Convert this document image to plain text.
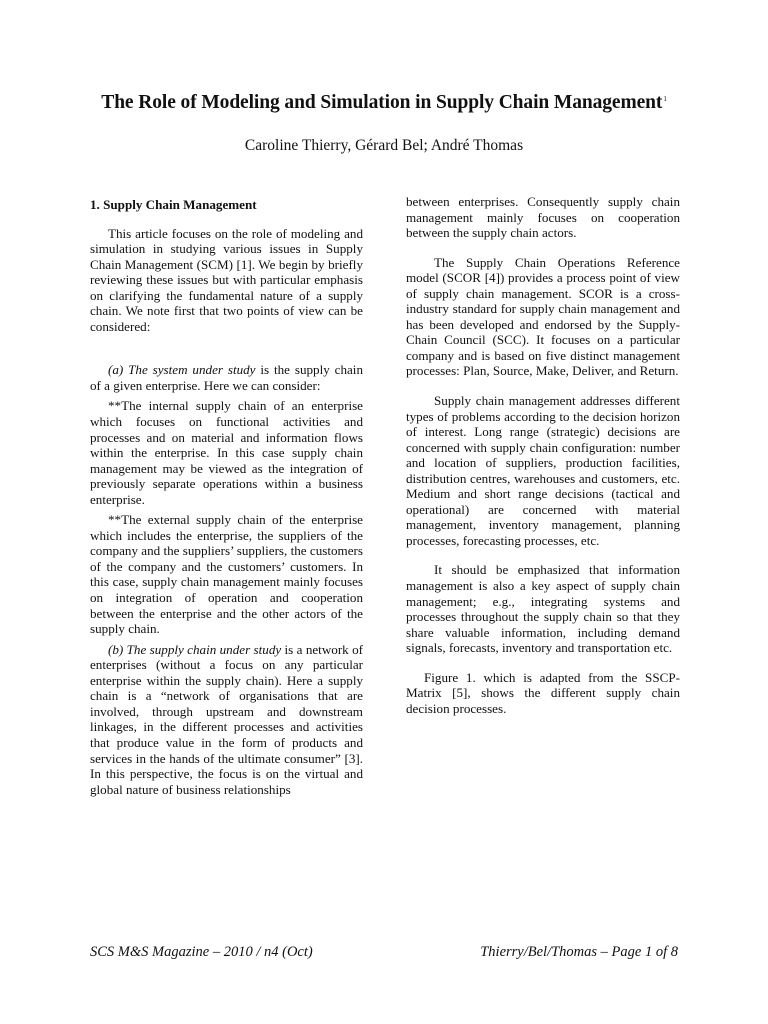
The Role of Modeling and Simulation in Supply Chain Management$^1$
Caroline Thierry, Gérard Bel; André Thomas

1. Supply Chain Management

This article focuses on the role of modeling and simulation in studying various issues in Supply Chain Management (SCM) [1]. We begin by briefly reviewing these issues but with particular emphasis on clarifying the fundamental nature of a supply chain. We note first that two points of view can be considered:

(a) The system under study is the supply chain of a given enterprise. Here we can consider:

**The internal supply chain of an enterprise which focuses on functional activities and processes and on material and information flows within the enterprise. In this case supply chain management may be viewed as the integration of previously separate operations within a business enterprise.

**The external supply chain of the enterprise which includes the enterprise, the suppliers of the company and the suppliers’ suppliers, the customers of the company and the customers’ customers. In this case, supply chain management mainly focuses on integration of operation and cooperation between the enterprise and the other actors of the supply chain.

(b) The supply chain under study is a network of enterprises (without a focus on any particular enterprise within the supply chain). Here a supply chain is a “network of organisations that are involved, through upstream and downstream linkages, in the different processes and activities that produce value in the form of products and services in the hands of the ultimate consumer” [3]. In this perspective, the focus is on the virtual and global nature of business relationships

between enterprises. Consequently supply chain management mainly focuses on cooperation between the supply chain actors.

The Supply Chain Operations Reference model (SCOR [4]) provides a process point of view of supply chain management. SCOR is a cross-industry standard for supply chain management and has been developed and endorsed by the Supply-Chain Council (SCC). It focuses on a particular company and is based on five distinct management processes: Plan, Source, Make, Deliver, and Return.

Supply chain management addresses different types of problems according to the decision horizon of interest. Long range (strategic) decisions are concerned with supply chain configuration: number and location of suppliers, production facilities, distribution centres, warehouses and customers, etc. Medium and short range decisions (tactical and operational) are concerned with material management, inventory management, planning processes, forecasting processes, etc.

It should be emphasized that information management is also a key aspect of supply chain management; e.g., integrating systems and processes throughout the supply chain so that they share valuable information, including demand signals, forecasts, inventory and transportation etc.

Figure 1. which is adapted from the SSCP-Matrix [5], shows the different supply chain decision processes.

SCS M&S Magazine – 2010 / n4 (Oct)	Thierry/Bel/Thomas – Page 1 of 8
